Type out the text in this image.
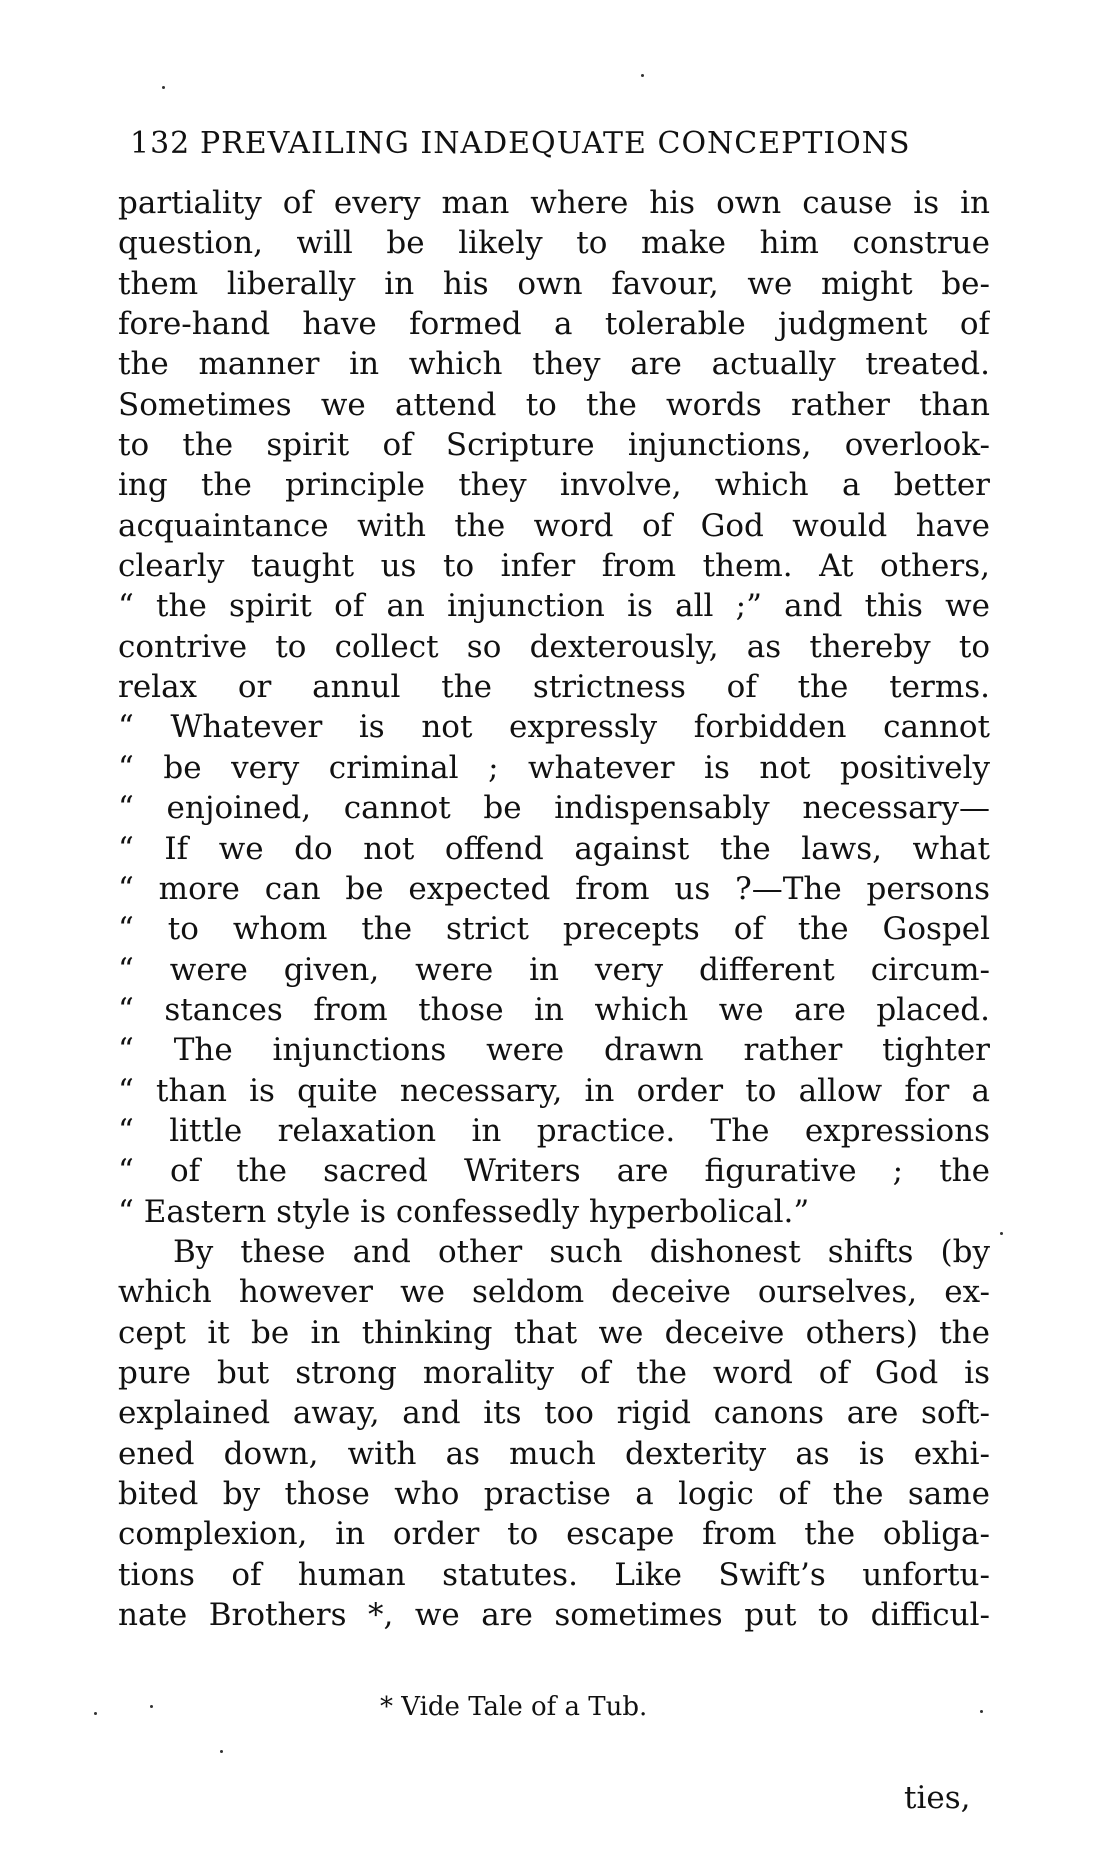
132 PREVAILING INADEQUATE CONCEPTIONS
partiality of every man where his own cause is in
question, will be likely to make him construe
them liberally in his own favour, we might be-
fore-hand have formed a tolerable judgment of
the manner in which they are actually treated.
Sometimes we attend to the words rather than
to the spirit of Scripture injunctions, overlook-
ing the principle they involve, which a better
acquaintance with the word of God would have
clearly taught us to infer from them. At others,
“ the spirit of an injunction is all ;” and this we
contrive to collect so dexterously, as thereby to
relax or annul the strictness of the terms.
“ Whatever is not expressly forbidden cannot
“ be very criminal ; whatever is not positively
“ enjoined, cannot be indispensably necessary—
“ If we do not offend against the laws, what
“ more can be expected from us ?—The persons
“ to whom the strict precepts of the Gospel
“ were given, were in very different circum-
“ stances from those in which we are placed.
“ The injunctions were drawn rather tighter
“ than is quite necessary, in order to allow for a
“ little relaxation in practice. The expressions
“ of the sacred Writers are figurative ; the
“ Eastern style is confessedly hyperbolical.”
By these and other such dishonest shifts (by
which however we seldom deceive ourselves, ex-
cept it be in thinking that we deceive others) the
pure but strong morality of the word of God is
explained away, and its too rigid canons are soft-
ened down, with as much dexterity as is exhi-
bited by those who practise a logic of the same
complexion, in order to escape from the obliga-
tions of human statutes. Like Swift’s unfortu-
nate Brothers *, we are sometimes put to difficul-
* Vide Tale of a Tub.
ties,
